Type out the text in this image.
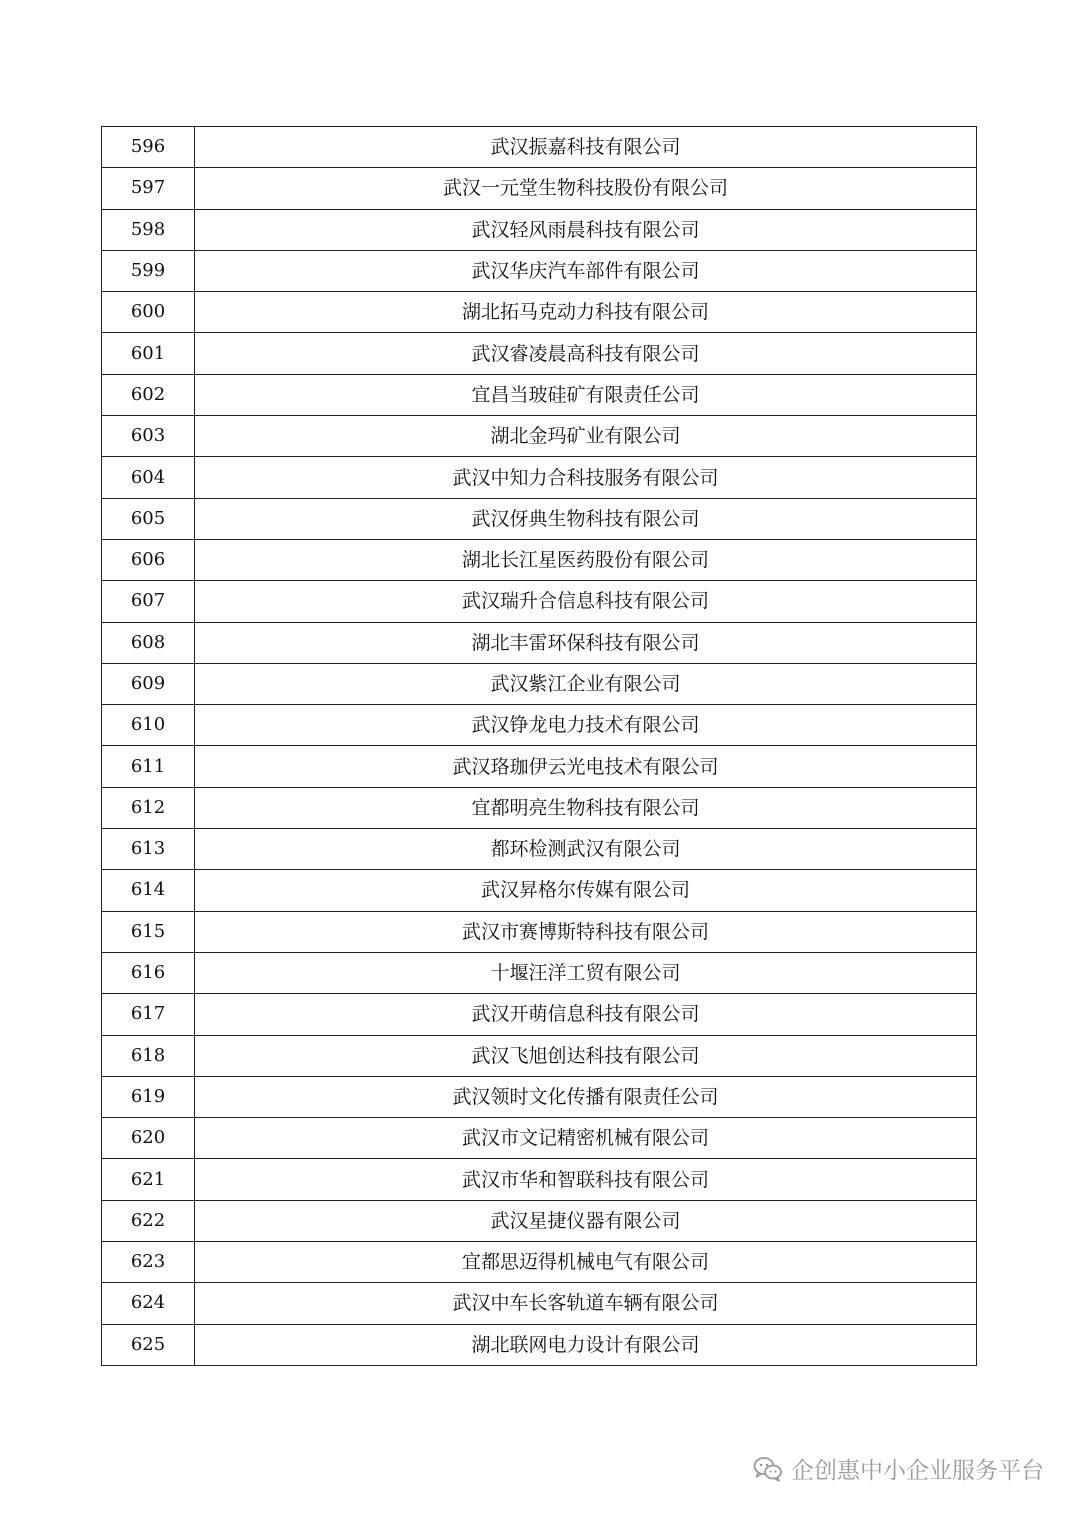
596	武汉振嘉科技有限公司
597	武汉一元堂生物科技股份有限公司
598	武汉轻风雨晨科技有限公司
599	武汉华庆汽车部件有限公司
600	湖北拓马克动力科技有限公司
601	武汉睿凌晨高科技有限公司
602	宜昌当玻硅矿有限责任公司
603	湖北金玛矿业有限公司
604	武汉中知力合科技服务有限公司
605	武汉伢典生物科技有限公司
606	湖北长江星医药股份有限公司
607	武汉瑞升合信息科技有限公司
608	湖北丰雷环保科技有限公司
609	武汉紫江企业有限公司
610	武汉铮龙电力技术有限公司
611	武汉珞珈伊云光电技术有限公司
612	宜都明亮生物科技有限公司
613	都环检测武汉有限公司
614	武汉昇格尔传媒有限公司
615	武汉市赛博斯特科技有限公司
616	十堰汪洋工贸有限公司
617	武汉开萌信息科技有限公司
618	武汉飞旭创达科技有限公司
619	武汉领时文化传播有限责任公司
620	武汉市文记精密机械有限公司
621	武汉市华和智联科技有限公司
622	武汉星捷仪器有限公司
623	宜都思迈得机械电气有限公司
624	武汉中车长客轨道车辆有限公司
625	湖北联网电力设计有限公司
企创惠中小企业服务平台
